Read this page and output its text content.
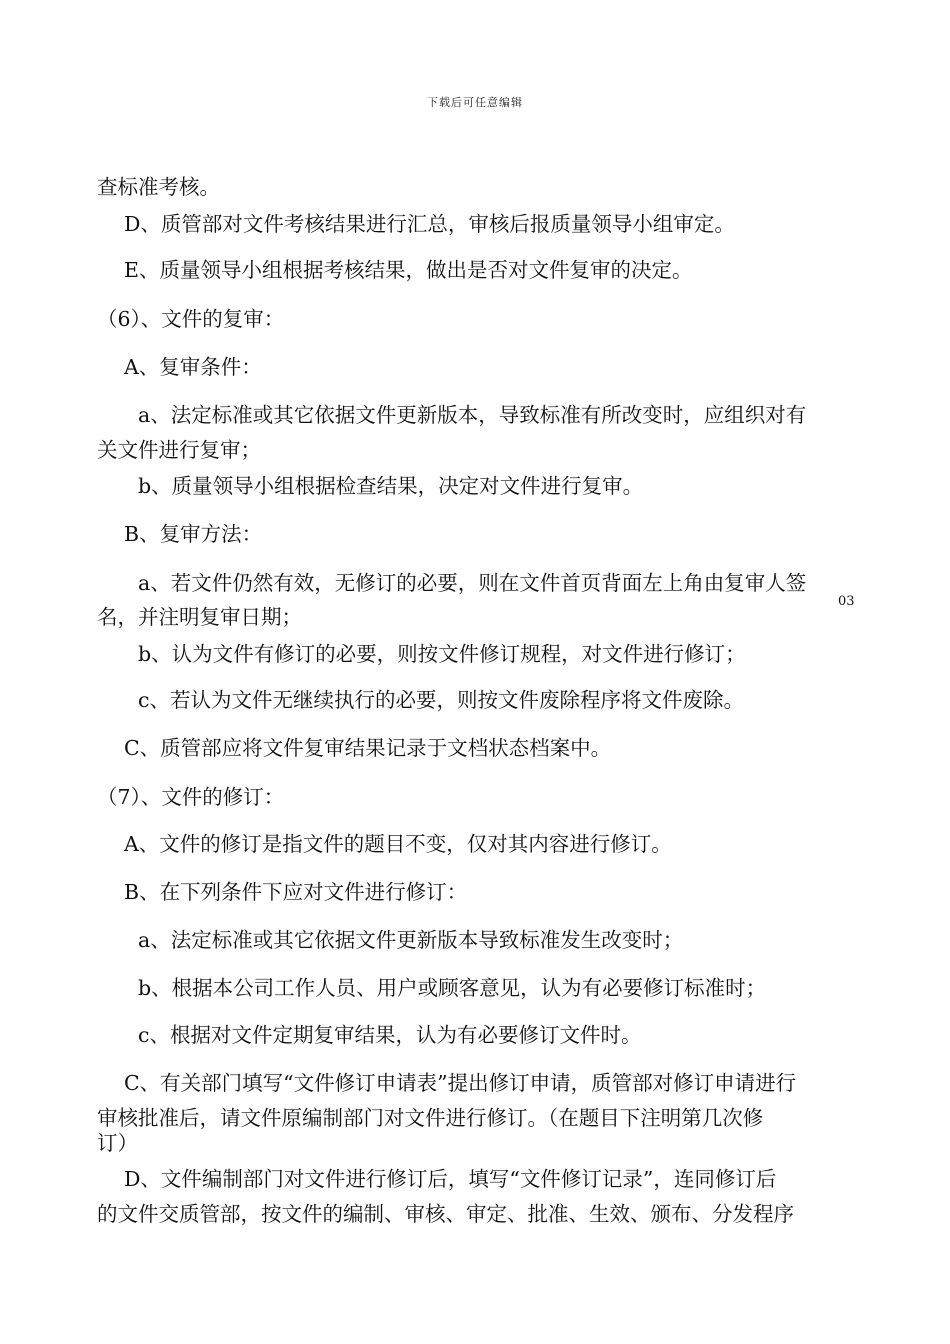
下载后可任意编辑
查标准考核。
D、质管部对文件考核结果进行汇总，审核后报质量领导小组审定。
E、质量领导小组根据考核结果，做出是否对文件复审的决定。
（6）、文件的复审：
A、复审条件：
a、法定标准或其它依据文件更新版本，导致标准有所改变时，应组织对有
关文件进行复审；
b、质量领导小组根据检查结果，决定对文件进行复审。
B、复审方法：
a、若文件仍然有效，无修订的必要，则在文件首页背面左上角由复审人签
03
名，并注明复审日期；
b、认为文件有修订的必要，则按文件修订规程，对文件进行修订；
c、若认为文件无继续执行的必要，则按文件废除程序将文件废除。
C、质管部应将文件复审结果记录于文档状态档案中。
（7）、文件的修订：
A、文件的修订是指文件的题目不变，仅对其内容进行修订。
B、在下列条件下应对文件进行修订：
a、法定标准或其它依据文件更新版本导致标准发生改变时；
b、根据本公司工作人员、用户或顾客意见，认为有必要修订标准时；
c、根据对文件定期复审结果，认为有必要修订文件时。
C、有关部门填写“文件修订申请表”提出修订申请，质管部对修订申请进行
审核批准后，请文件原编制部门对文件进行修订。（在题目下注明第几次修
订）
D、文件编制部门对文件进行修订后，填写“文件修订记录”，连同修订后
的文件交质管部，按文件的编制、审核、审定、批准、生效、颁布、分发程序
